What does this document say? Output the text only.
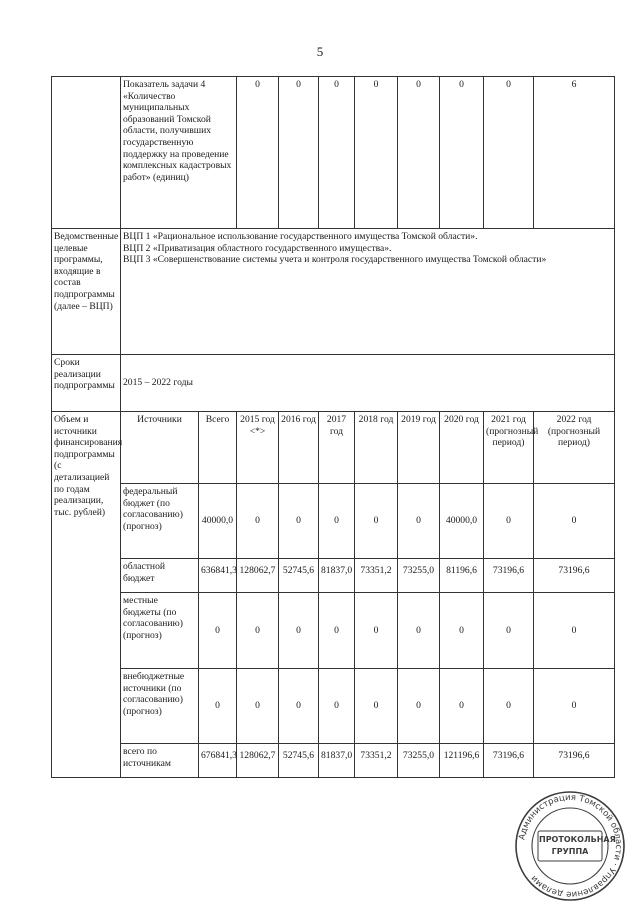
5
	Показатель задачи 4 «Количество муниципальных образований Томской области, получивших государственную поддержку на проведение комплексных кадастровых работ» (единиц)		0	0	0	0	0	0	0	6
Ведомственные целевые программы, входящие в состав подпрограммы (далее – ВЦП)	ВЦП 1 «Рациональное использование государственного имущества Томской области».
ВЦП 2 «Приватизация областного государственного имущества».
ВЦП 3 «Совершенствование системы учета и контроля государственного имущества Томской области»									

Сроки реализации подпрограммы	2015 – 2022 годы									
Объем и источники финансирования подпрограммы (с детализацией по годам реализации, тыс. рублей)	Источники	Всего	2015 год <*>	2016 год	2017 год	2018 год	2019 год	2020 год	2021 год (прогнозный период)	2022 год (прогнозный период)
	федеральный бюджет (по согласованию) (прогноз)	40000,0	0	0	0	0	0	40000,0	0	0
	областной бюджет	636841,3	128062,7	52745,6	81837,0	73351,2	73255,0	81196,6	73196,6	73196,6
	местные бюджеты (по согласованию) (прогноз)	0	0	0	0	0	0	0	0	0
	внебюджетные источники (по согласованию) (прогноз)	0	0	0	0	0	0	0	0	0
	всего по источникам	676841,3	128062,7	52745,6	81837,0	73351,2	73255,0	121196,6	73196,6	73196,6
Администрация Томской области · Управление делами
ПРОТОКОЛЬНАЯ ГРУППА
